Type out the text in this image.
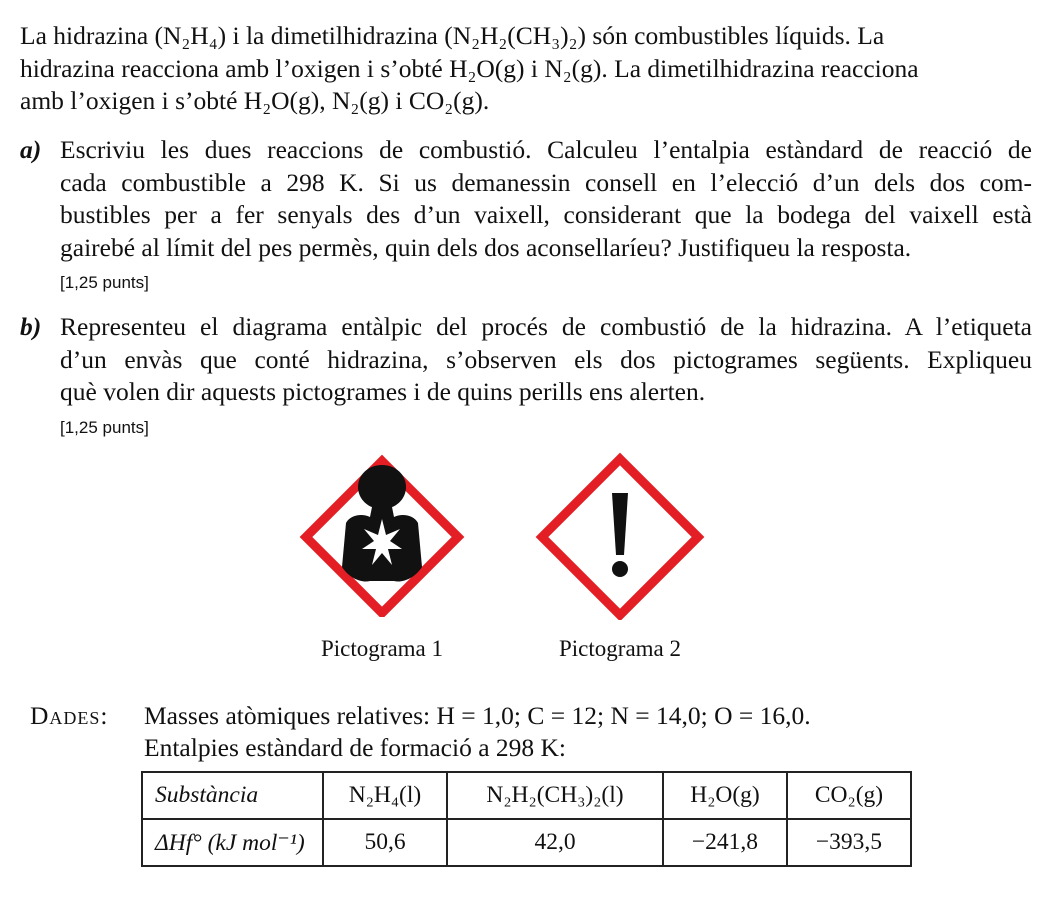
La hidrazina (N₂H₄) i la dimetilhidrazina (N₂H₂(CH₃)₂) són combustibles líquids. La

hidrazina reacciona amb l’oxigen i s’obté H₂O(g) i N₂(g). La dimetilhidrazina reacciona

amb l’oxigen i s’obté H₂O(g), N₂(g) i CO₂(g).

a) Escriviu les dues reaccions de combustió. Calculeu l’entalpia estàndard de reacció de
cada combustible a 298 K. Si us demanessin consell en l’elecció d’un dels dos com-
bustibles per a fer senyals des d’un vaixell, considerant que la bodega del vaixell està
gairebé al límit del pes permès, quin dels dos aconsellaríeu? Justifiqueu la resposta.
[1,25 punts]
b) Representeu el diagrama entàlpic del procés de combustió de la hidrazina. A l’etiqueta
d’un envàs que conté hidrazina, s’observen els dos pictogrames següents. Expliqueu
què volen dir aquests pictogrames i de quins perills ens alerten.
[1,25 punts]
Pictograma 1	Pictograma 2
Dades: Masses atòmiques relatives: H = 1,0; C = 12; N = 14,0; O = 16,0.
Entalpies estàndard de formació a 298 K:
Substància	N₂H₄(l)	N₂H₂(CH₃)₂(l)	H₂O(g)	CO₂(g)
ΔHf° (kJ mol⁻¹)	50,6	42,0	−241,8	−393,5
